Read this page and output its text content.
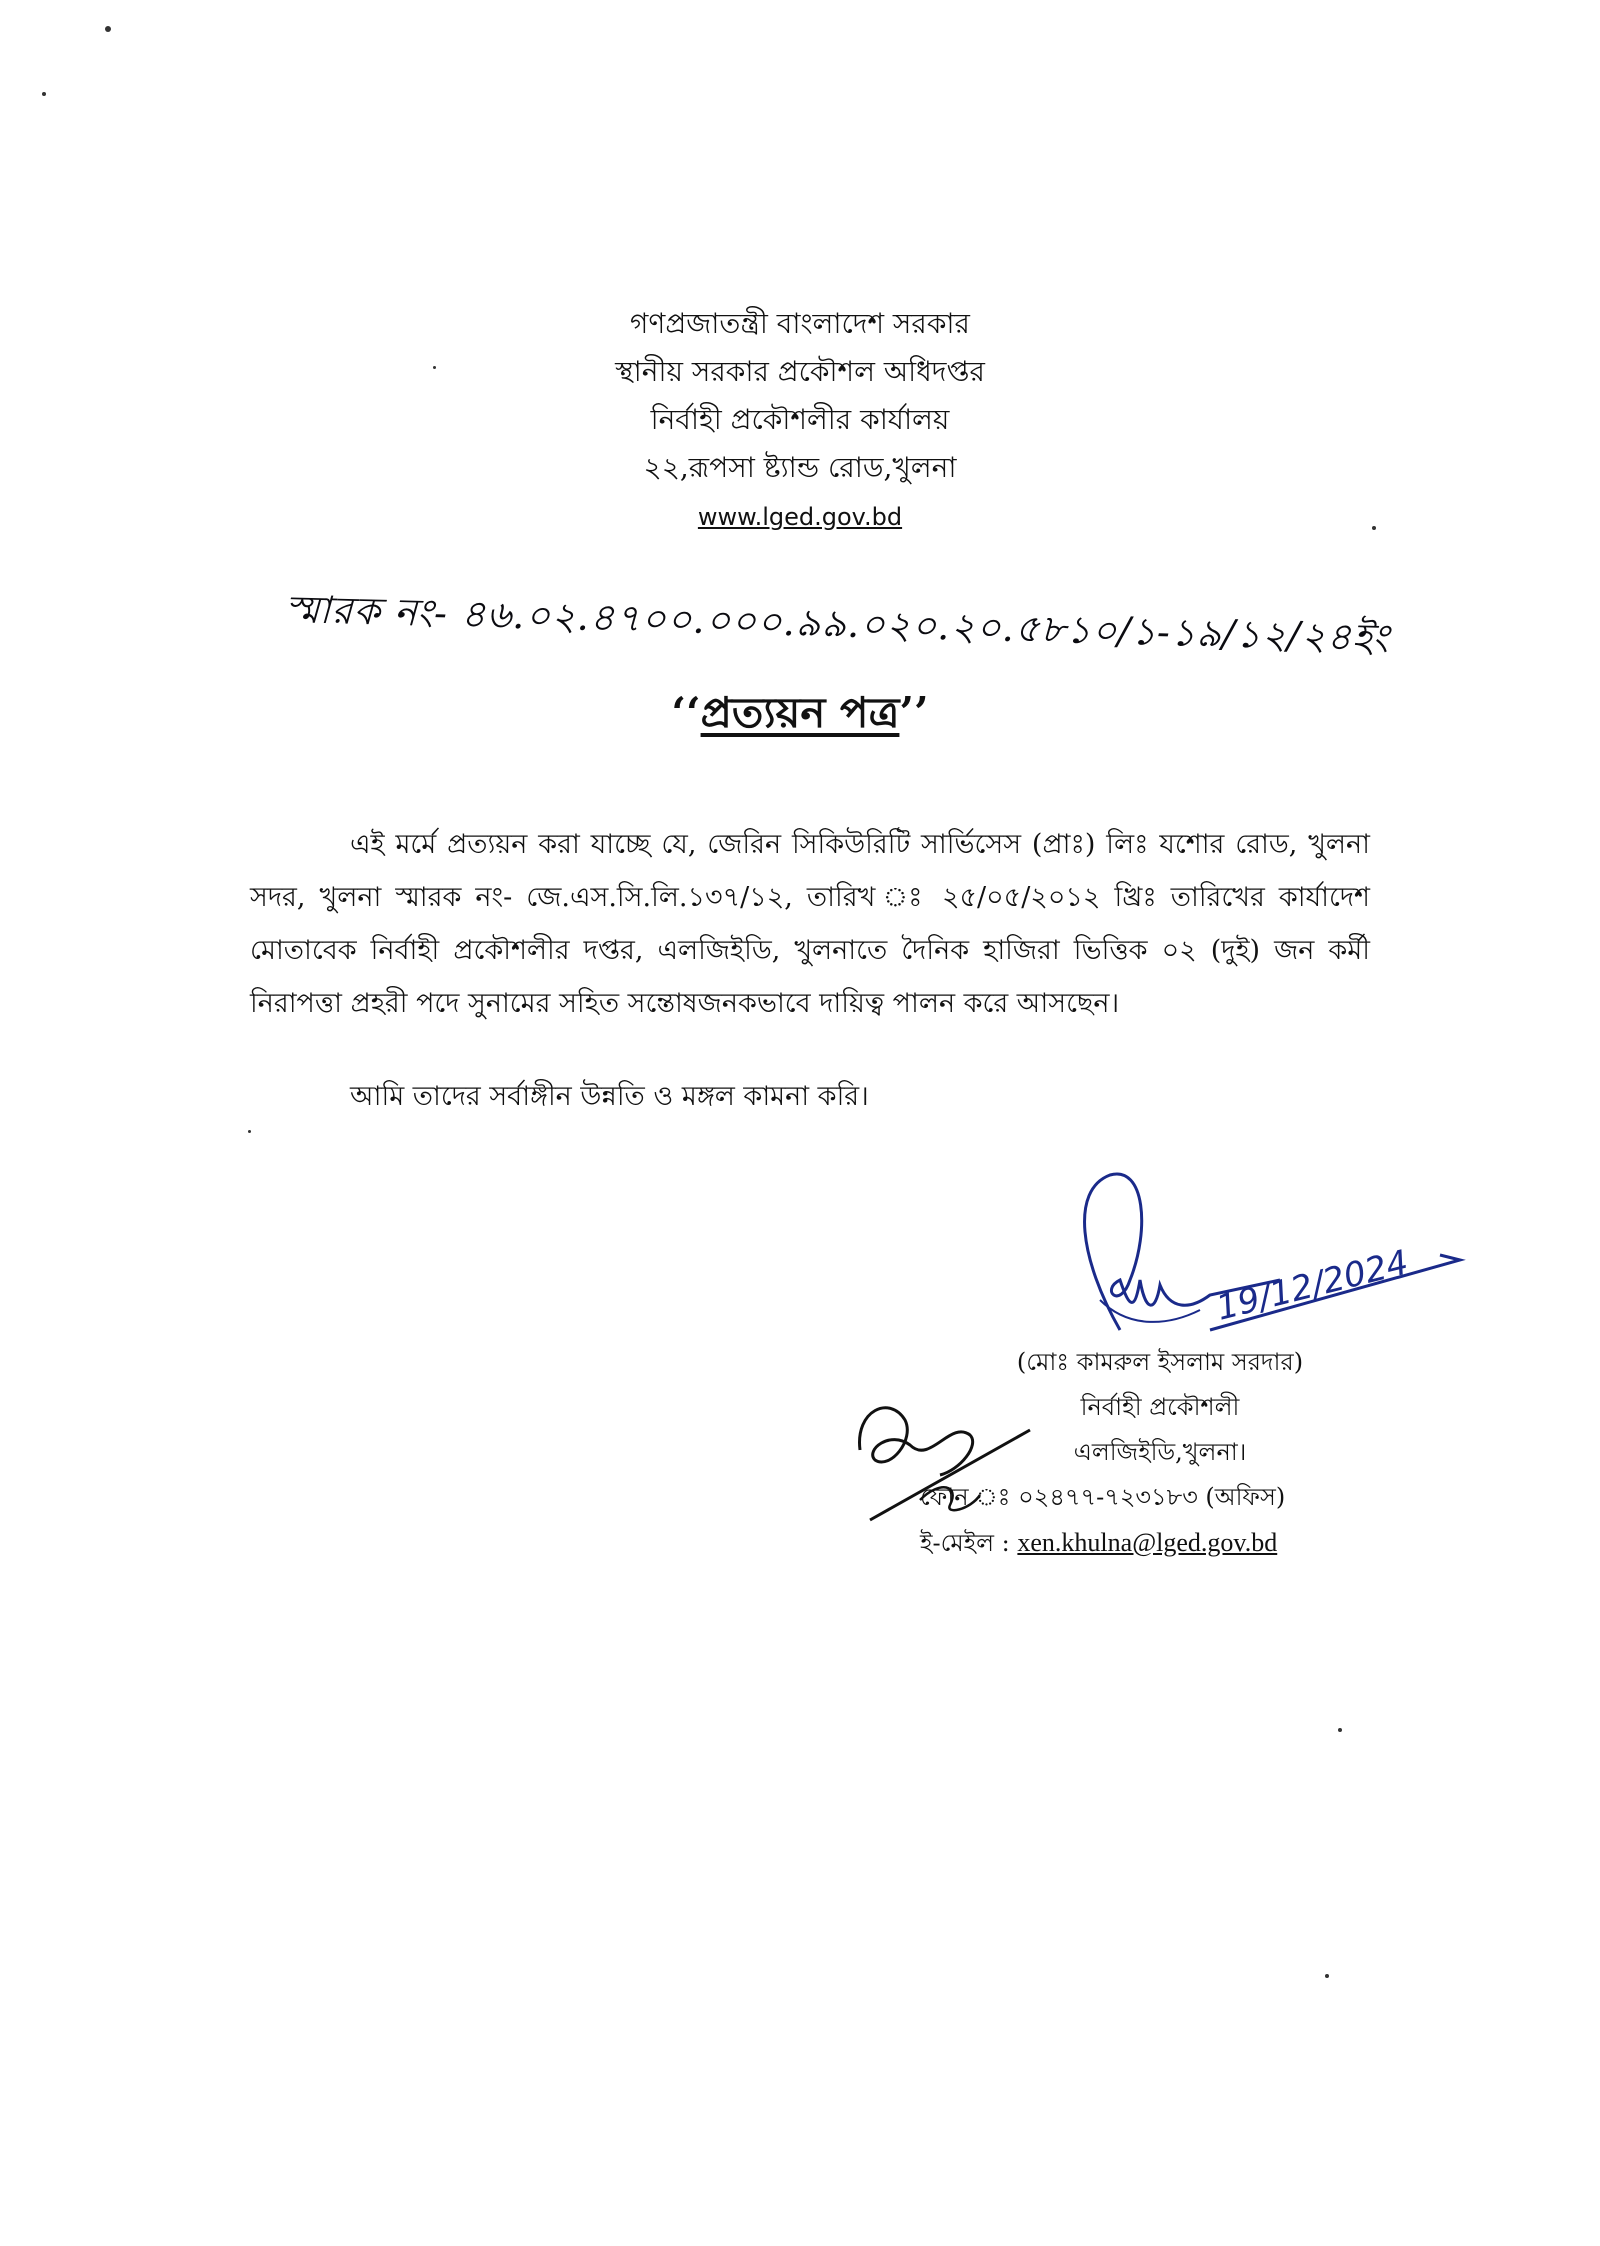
গণপ্রজাতন্ত্রী বাংলাদেশ সরকার
স্থানীয় সরকার প্রকৌশল অধিদপ্তর
নির্বাহী প্রকৌশলীর কার্যালয়
২২,রূপসা ষ্ট্যান্ড রোড,খুলনা
www.lged.gov.bd
স্মারক নং- ৪৬.০২.৪৭০০.০০০.৯৯.০২০.২০.৫৮১০/১-১৯/১২/২৪ইং
‘‘প্রত্যয়ন পত্র’’

এই মর্মে প্রত্যয়ন করা যাচ্ছে যে, জেরিন সিকিউরিটি সার্ভিসেস (প্রাঃ) লিঃ যশোর রোড, খুলনা সদর, খুলনা স্মারক নং- জে.এস.সি.লি.১৩৭/১২, তারিখ ঃ ২৫/০৫/২০১২ খ্রিঃ তারিখের কার্যাদেশ মোতাবেক নির্বাহী প্রকৌশলীর দপ্তর, এলজিইডি, খুলনাতে দৈনিক হাজিরা ভিত্তিক ০২ (দুই) জন কর্মী নিরাপত্তা প্রহরী পদে সুনামের সহিত সন্তোষজনকভাবে দায়িত্ব পালন করে আসছেন।

আমি তাদের সর্বাঙ্গীন উন্নতি ও মঙ্গল কামনা করি।

19/12/2024
(মোঃ কামরুল ইসলাম সরদার)
নির্বাহী প্রকৌশলী
এলজিইডি,খুলনা।
ফোন ঃ ০২৪৭৭-৭২৩১৮৩ (অফিস)
ই-মেইল : xen.khulna@lged.gov.bd
